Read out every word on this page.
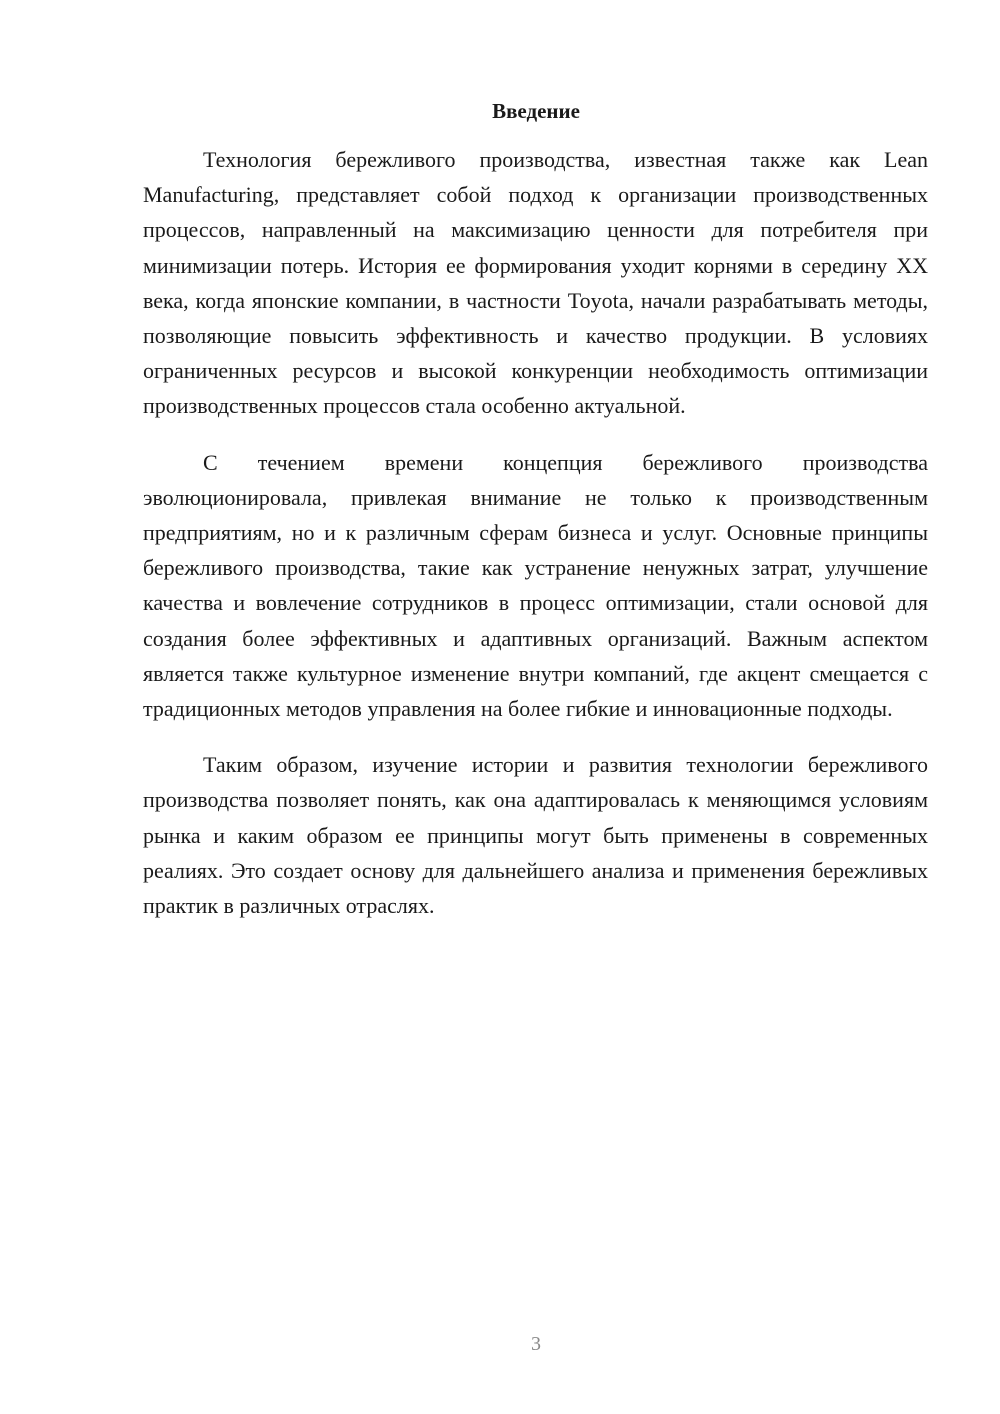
Введение

Технология бережливого производства, известная также как Lean Manufacturing, представляет собой подход к организации производственных процессов, направленный на максимизацию ценности для потребителя при минимизации потерь. История ее формирования уходит корнями в середину XX века, когда японские компании, в частности Toyota, начали разрабатывать методы, позволяющие повысить эффективность и качество продукции. В условиях ограниченных ресурсов и высокой конкуренции необходимость оптимизации производственных процессов стала особенно актуальной.

С течением времени концепция бережливого производства эволюционировала, привлекая внимание не только к производственным предприятиям, но и к различным сферам бизнеса и услуг. Основные принципы бережливого производства, такие как устранение ненужных затрат, улучшение качества и вовлечение сотрудников в процесс оптимизации, стали основой для создания более эффективных и адаптивных организаций. Важным аспектом является также культурное изменение внутри компаний, где акцент смещается с традиционных методов управления на более гибкие и инновационные подходы.

Таким образом, изучение истории и развития технологии бережливого производства позволяет понять, как она адаптировалась к меняющимся условиям рынка и каким образом ее принципы могут быть применены в современных реалиях. Это создает основу для дальнейшего анализа и применения бережливых практик в различных отраслях.

3
